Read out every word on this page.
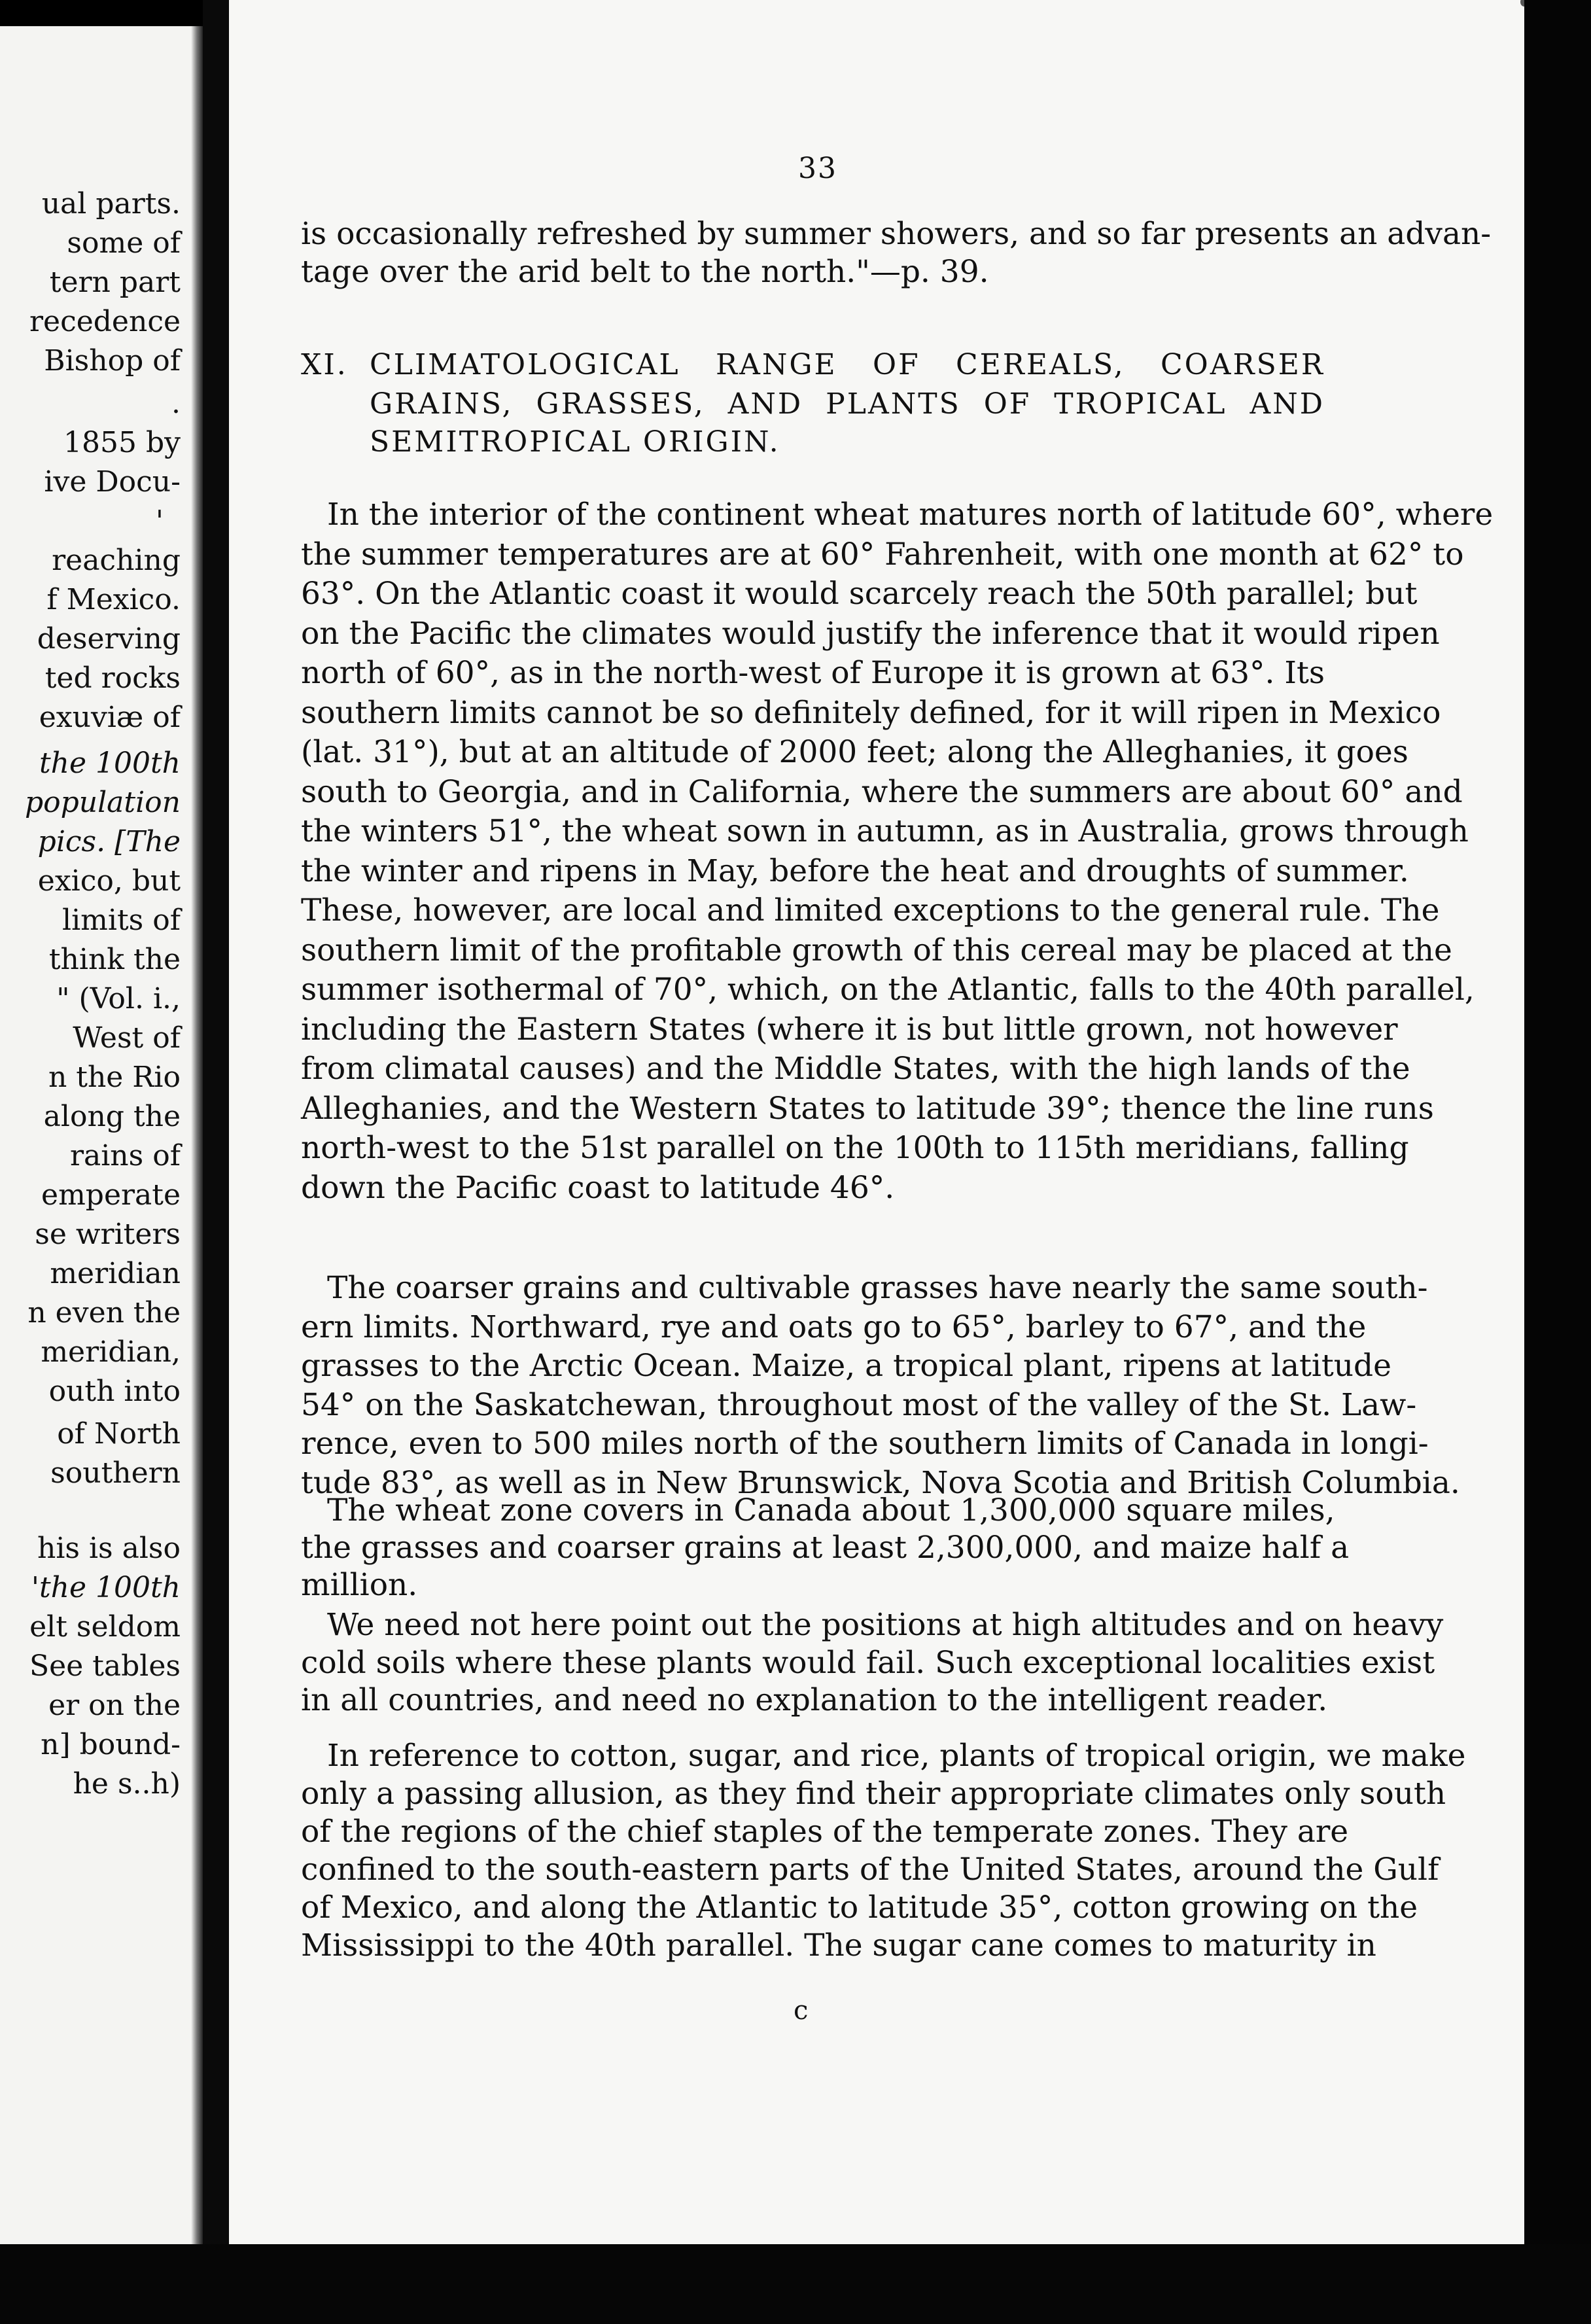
ual parts.
some of
tern part
recedence
Bishop of
.
1855 by
ive Docu-
'
reaching
f Mexico.
deserving
ted rocks
exuviæ of
the 100th
population
pics. [The
exico, but
limits of
think the
" (Vol. i.,
West of
n the Rio
along the
rains of
emperate
se writers
meridian
n even the
meridian,
outh into
of North
southern
his is also
'the 100th
elt seldom
See tables
er on the
n] bound-
he s..h)
33
is occasionally refreshed by summer showers, and so far presents an advan-
tage over the arid belt to the north."—p. 39.
XI. CLIMATOLOGICAL RANGE OF CEREALS, COARSER
GRAINS, GRASSES, AND PLANTS OF TROPICAL AND
SEMITROPICAL ORIGIN.
In the interior of the continent wheat matures north of latitude 60°, where
the summer temperatures are at 60° Fahrenheit, with one month at 62° to
63°. On the Atlantic coast it would scarcely reach the 50th parallel; but
on the Pacific the climates would justify the inference that it would ripen
north of 60°, as in the north-west of Europe it is grown at 63°. Its
southern limits cannot be so definitely defined, for it will ripen in Mexico
(lat. 31°), but at an altitude of 2000 feet; along the Alleghanies, it goes
south to Georgia, and in California, where the summers are about 60° and
the winters 51°, the wheat sown in autumn, as in Australia, grows through
the winter and ripens in May, before the heat and droughts of summer.
These, however, are local and limited exceptions to the general rule. The
southern limit of the profitable growth of this cereal may be placed at the
summer isothermal of 70°, which, on the Atlantic, falls to the 40th parallel,
including the Eastern States (where it is but little grown, not however
from climatal causes) and the Middle States, with the high lands of the
Alleghanies, and the Western States to latitude 39°; thence the line runs
north-west to the 51st parallel on the 100th to 115th meridians, falling
down the Pacific coast to latitude 46°.
The coarser grains and cultivable grasses have nearly the same south-
ern limits. Northward, rye and oats go to 65°, barley to 67°, and the
grasses to the Arctic Ocean. Maize, a tropical plant, ripens at latitude
54° on the Saskatchewan, throughout most of the valley of the St. Law-
rence, even to 500 miles north of the southern limits of Canada in longi-
tude 83°, as well as in New Brunswick, Nova Scotia and British Columbia.
The wheat zone covers in Canada about 1,300,000 square miles,
the grasses and coarser grains at least 2,300,000, and maize half a
million.
We need not here point out the positions at high altitudes and on heavy
cold soils where these plants would fail. Such exceptional localities exist
in all countries, and need no explanation to the intelligent reader.
In reference to cotton, sugar, and rice, plants of tropical origin, we make
only a passing allusion, as they find their appropriate climates only south
of the regions of the chief staples of the temperate zones. They are
confined to the south-eastern parts of the United States, around the Gulf
of Mexico, and along the Atlantic to latitude 35°, cotton growing on the
Mississippi to the 40th parallel. The sugar cane comes to maturity in
c
